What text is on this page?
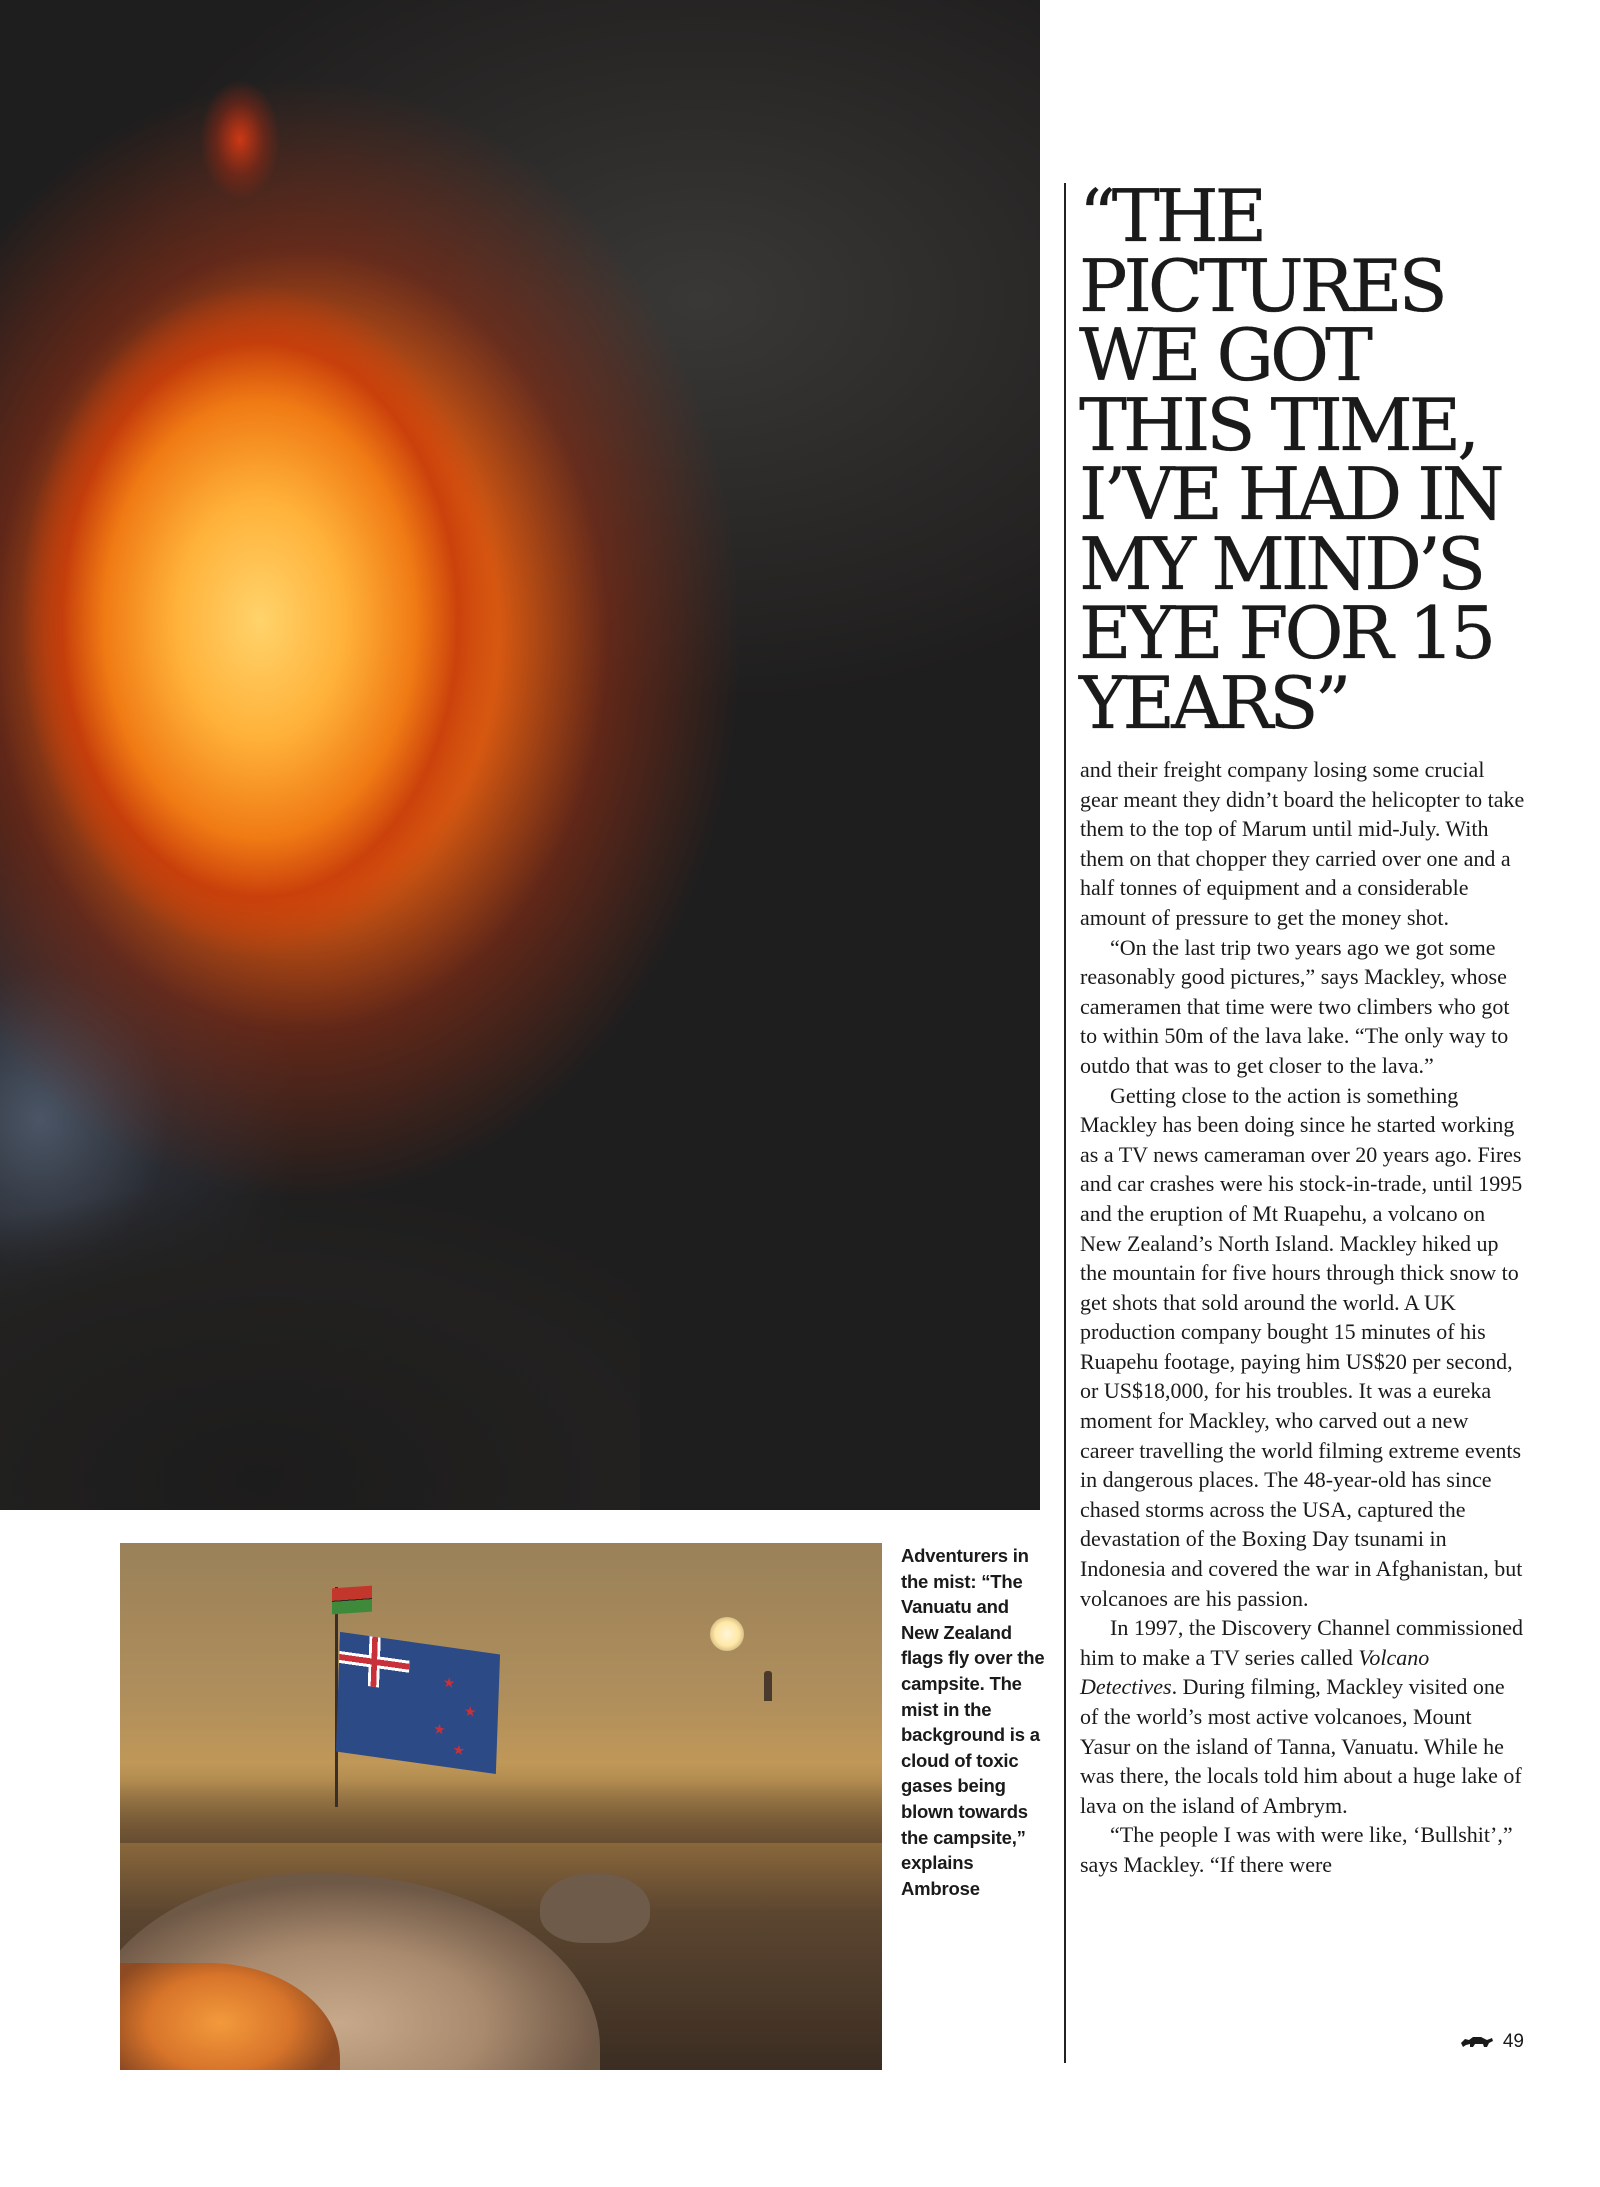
★
★
★
★

Adventurers in the mist: “The Vanuatu and New Zealand flags fly over the campsite. The mist in the background is a cloud of toxic gases being blown towards the campsite,” explains Ambrose

“THE PICTURES WE GOT THIS TIME, I’VE HAD IN MY MIND’S EYE FOR 15 YEARS”

and their freight company losing some crucial gear meant they didn’t board the helicopter to take them to the top of Marum until mid-July. With them on that chopper they carried over one and a half tonnes of equipment and a considerable amount of pressure to get the money shot.

“On the last trip two years ago we got some reasonably good pictures,” says Mackley, whose cameramen that time were two climbers who got to within 50m of the lava lake. “The only way to outdo that was to get closer to the lava.”

Getting close to the action is something Mackley has been doing since he started working as a TV news cameraman over 20 years ago. Fires and car crashes were his stock-in-trade, until 1995 and the eruption of Mt Ruapehu, a volcano on New Zealand’s North Island. Mackley hiked up the mountain for five hours through thick snow to get shots that sold around the world. A UK production company bought 15 minutes of his Ruapehu footage, paying him US$20 per second, or US$18,000, for his troubles. It was a eureka moment for Mackley, who carved out a new career travelling the world filming extreme events in dangerous places. The 48-year-old has since chased storms across the USA, captured the devastation of the Boxing Day tsunami in Indonesia and covered the war in Afghanistan, but volcanoes are his passion.

In 1997, the Discovery Channel commissioned him to make a TV series called Volcano Detectives. During filming, Mackley visited one of the world’s most active volcanoes, Mount Yasur on the island of Tanna, Vanuatu. While he was there, the locals told him about a huge lake of lava on the island of Ambrym.

“The people I was with were like, ‘Bullshit’,” says Mackley. “If there were

49
